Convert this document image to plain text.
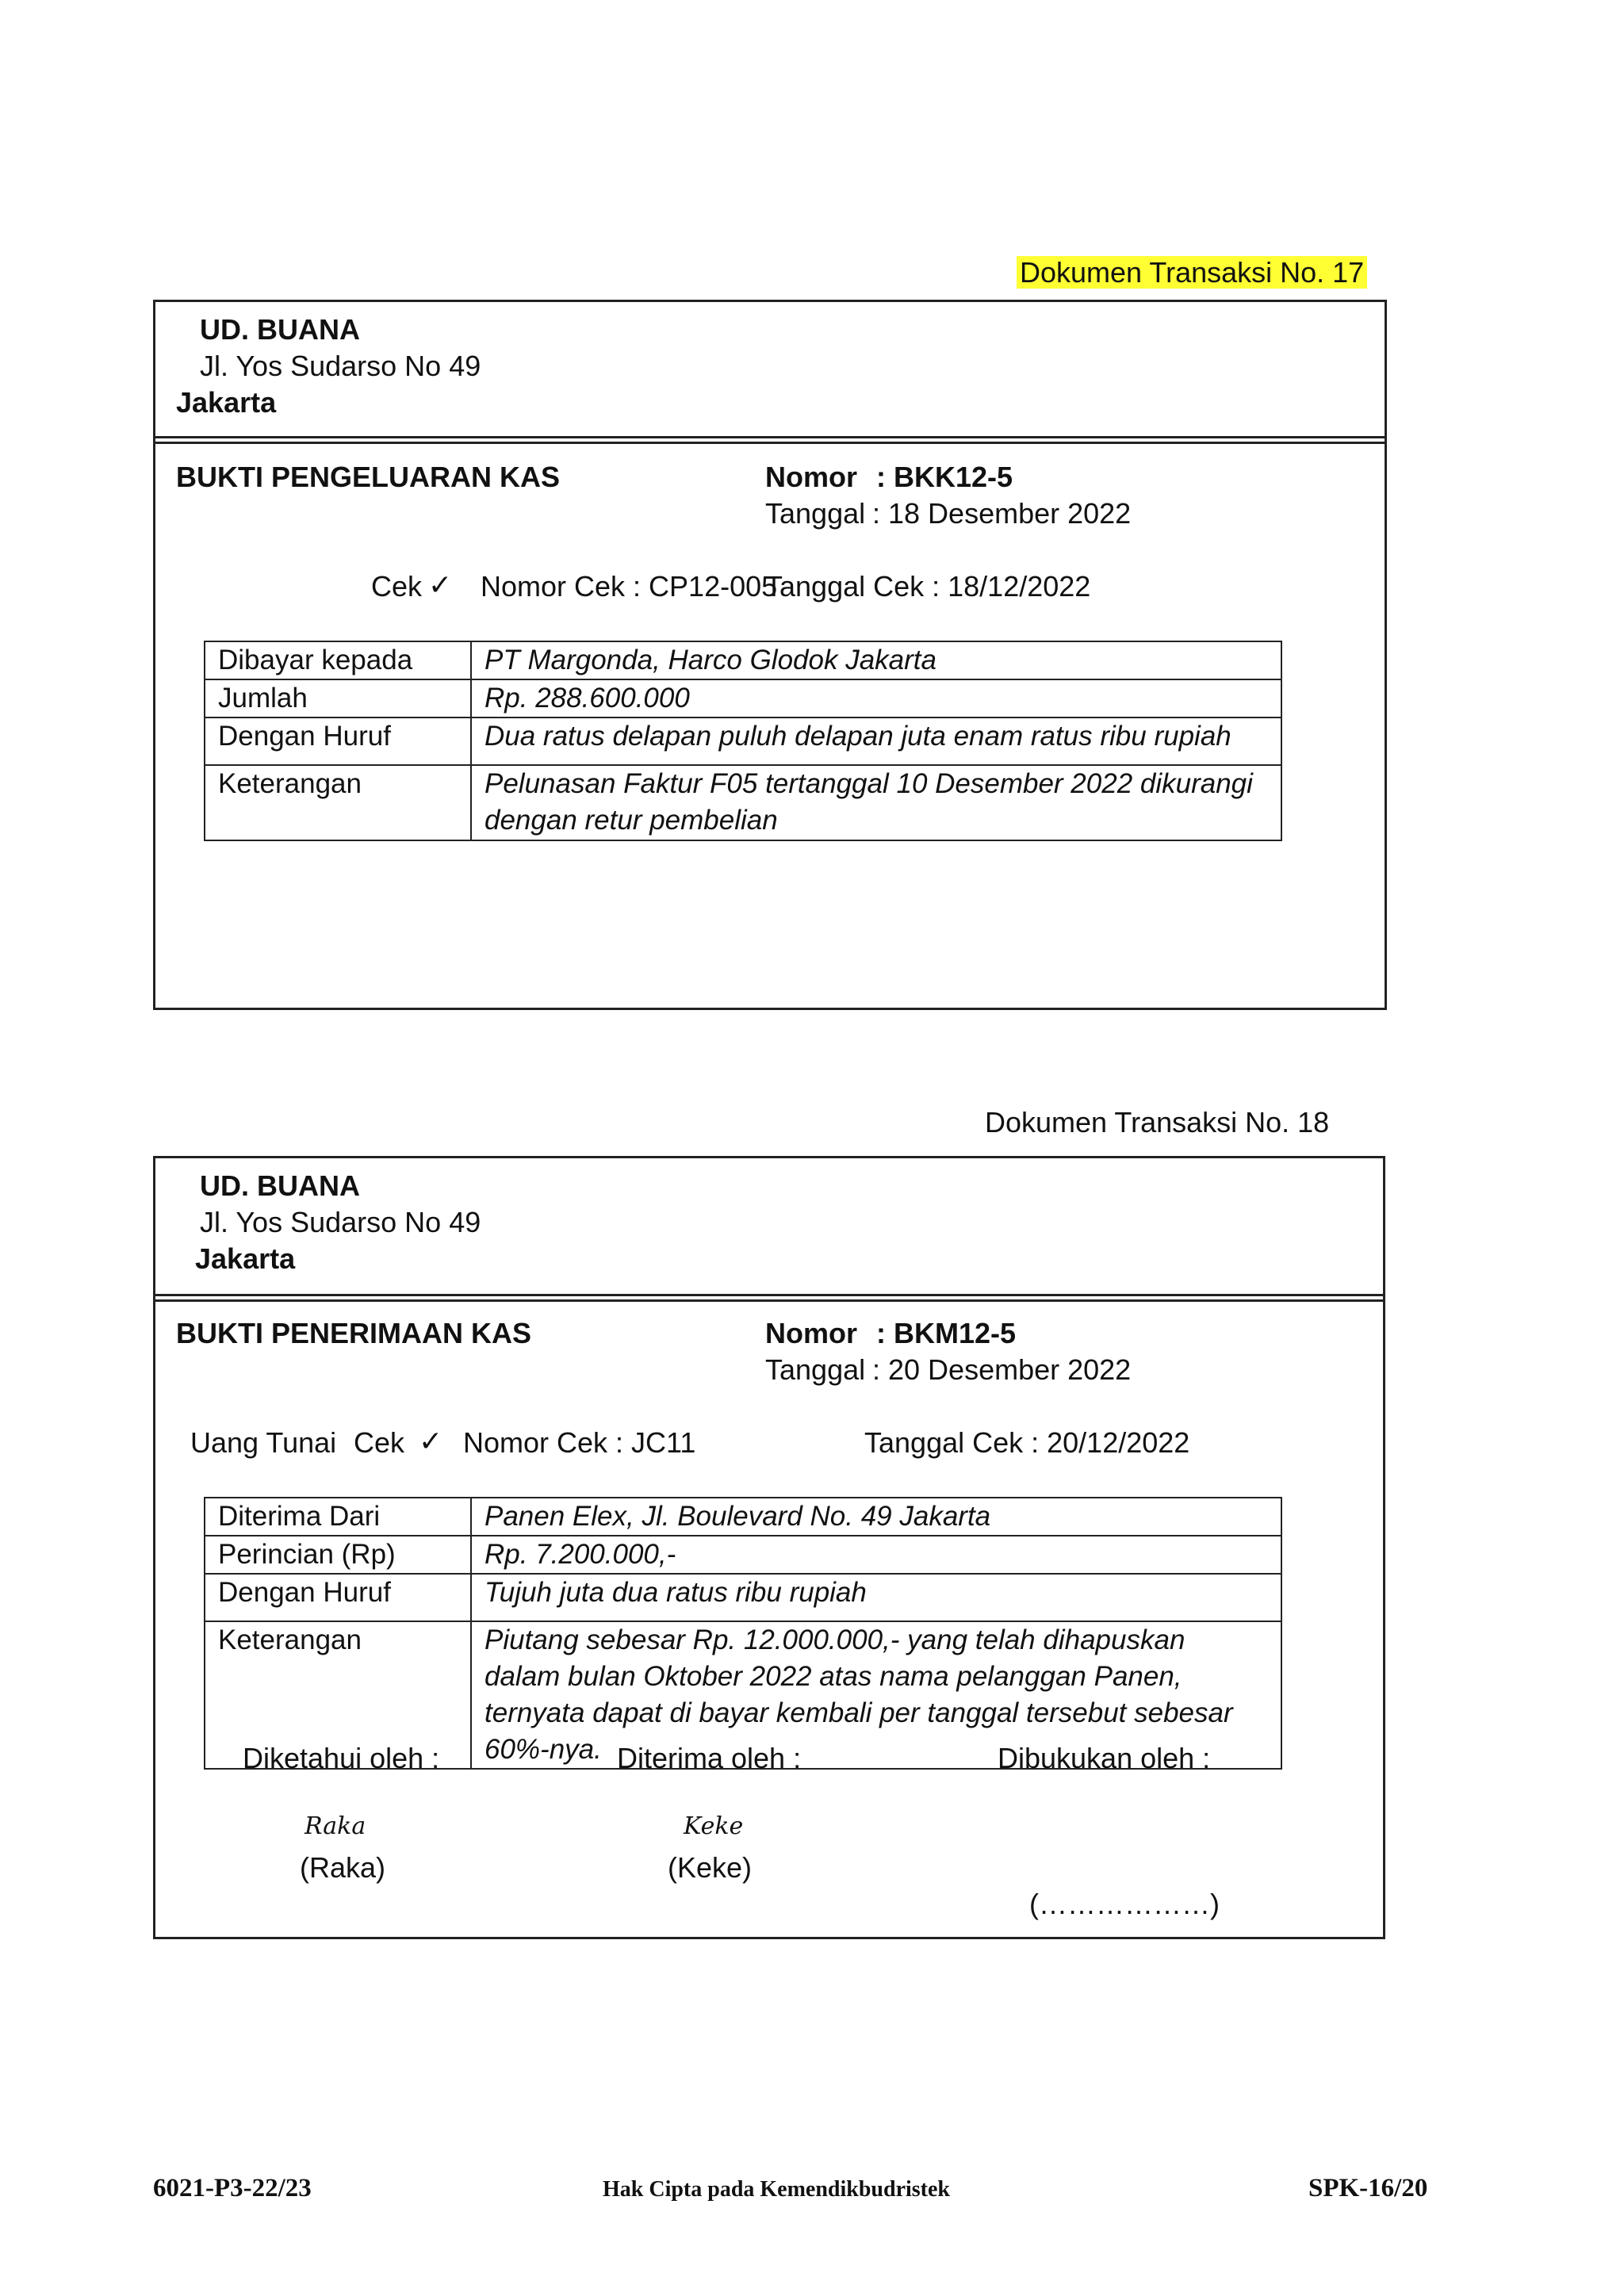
Dokumen Transaksi No. 17
UD. BUANA
Jl. Yos Sudarso No 49
Jakarta
BUKTI PENGELUARAN KAS	Nomor : BKK12-5
Tanggal : 18 Desember 2022
Cek ✓ Nomor Cek : CP12-005
Tanggal Cek : 18/12/2022
Dibayar kepada	PT Margonda, Harco Glodok Jakarta
Jumlah	Rp. 288.600.000
Dengan Huruf	Dua ratus delapan puluh delapan juta enam ratus ribu rupiah
Keterangan	Pelunasan Faktur F05 tertanggal 10 Desember 2022 dikurangi dengan retur pembelian
Dokumen Transaksi No. 18
UD. BUANA
Jl. Yos Sudarso No 49
Jakarta
BUKTI PENERIMAAN KAS	Nomor : BKM12-5
Tanggal : 20 Desember 2022
Uang Tunai Cek ✓ Nomor Cek : JC11	Tanggal Cek : 20/12/2022
Diterima Dari	Panen Elex, Jl. Boulevard No. 49 Jakarta
Perincian (Rp)	Rp. 7.200.000,-
Dengan Huruf	Tujuh juta dua ratus ribu rupiah
Keterangan	Piutang sebesar Rp. 12.000.000,- yang telah dihapuskan dalam bulan Oktober 2022 atas nama pelanggan Panen, ternyata dapat di bayar kembali per tanggal tersebut sebesar 60%-nya.
Diketahui oleh :	Diterima oleh :	Dibukukan oleh :
Raka
(Raka)
Keke
(Keke)
(………………)
6021-P3-22/23	Hak Cipta pada Kemendikbudristek	SPK-16/20
